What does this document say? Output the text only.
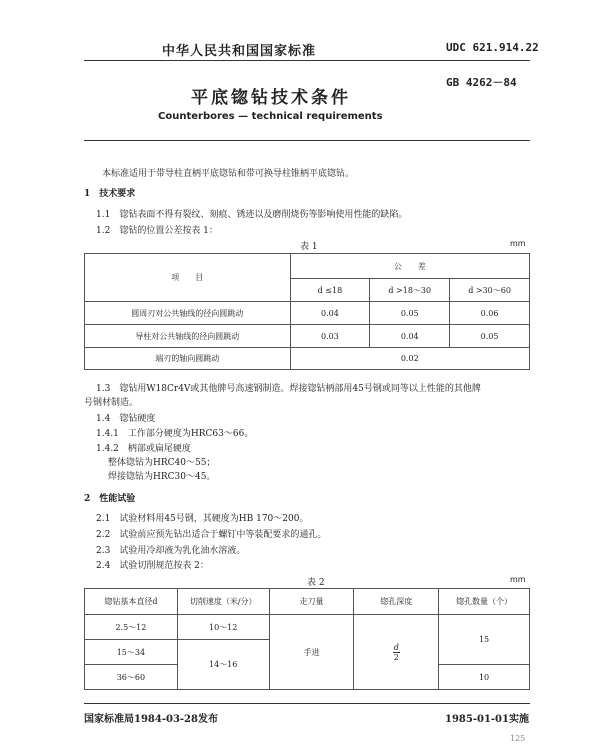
中华人民共和国国家标准	UDC 621.914.22
GB 4262－84
平底锪钻技术条件
Counterbores — technical requirements
本标准适用于带导柱直柄平底锪钻和带可换导柱锥柄平底锪钻。
1　技术要求
1.1　锪钻表面不得有裂纹、刻痕、锈迹以及磨削烧伤等影响使用性能的缺陷。
1.2　锪钻的位置公差按表 1：
表 1	mm
项　　目	公　　差		
	d ≤18	d >18～30	d >30～60
圆周刃对公共轴线的径向圆跳动	0.04	0.05	0.06
导柱对公共轴线的径向圆跳动	0.03	0.04	0.05
端刃的轴向圆跳动	0.02		
1.3　锪钻用W18Cr4V或其他牌号高速钢制造。焊接锪钻柄部用45号钢或同等以上性能的其他牌
号钢材制造。
1.4　锪钻硬度
1.4.1　工作部分硬度为HRC63～66。
1.4.2　柄部或扁尾硬度
整体锪钻为HRC40～55；
焊接锪钻为HRC30～45。
2　性能试验
2.1　试验材料用45号钢，其硬度为HB 170～200。
2.2　试验前应预先钻出适合于螺钉中等装配要求的通孔。
2.3　试验用冷却液为乳化油水溶液。
2.4　试验切削规范按表 2：
表 2	mm
锪钻基本直径d	切削速度（米/分）	走刀量	锪孔深度	锪孔数量（个）
2.5～12	10～12	手进	$\frac{d}{2}$	15
15～34	14～16			
36～60				10
国家标准局1984-03-28发布	1985-01-01实施
125
